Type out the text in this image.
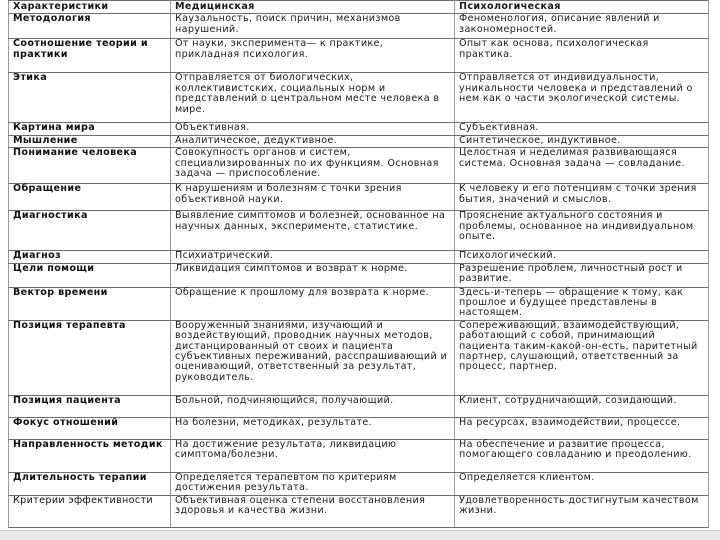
Характеристики	Медицинская	Психологическая
Методология	Каузальность, поиск причин, механизмов нарушений.	Феноменология, описание явлений и закономерностей.
Соотношение теории и практики	От науки, эксперимента— к практике, прикладная психология.	Опыт как основа, психологическая практика.
Этика	Отправляется от биологических, коллективистских, социальных норм и представлений о центральном месте человека в мире.	Отправляется от индивидуальности, уникальности человека и представлений о нем как о части экологической системы.
Картина мира	Объективная.	Субъективная.
Мышление	Аналитическое, дедуктивное.	Синтетическое, индуктивное.
Понимание человека	Совокупность органов и систем, специализированных по их функциям. Основная задача — приспособление.	Целостная и неделимая развивающаяся система. Основная задача — совладание.
Обращение	К нарушениям и болезням с точки зрения объективной науки.	К человеку и его потенциям с точки зрения бытия, значений и смыслов.
Диагностика	Выявление симптомов и болезней, основанное на научных данных, эксперименте, статистике.	Прояснение актуального состояния и проблемы, основанное на индивидуальном опыте.
Диагноз	Психиатрический.	Психологический.
Цели помощи	Ликвидация симптомов и возврат к норме.	Разрешение проблем, личностный рост и развитие.
Вектор времени	Обращение к прошлому для возврата к норме.	Здесь-и-теперь — обращение к тому, как прошлое и будущее представлены в настоящем.
Позиция терапевта	Вооруженный знаниями, изучающий и воздействующий, проводник научных методов, дистанцированный от своих и пациента субъективных переживаний, расспрашивающий и оценивающий, ответственный за результат, руководитель.	Сопереживающий, взаимодействующий, работающий с собой, принимающий пациента таким-какой-он-есть, паритетный партнер, слушающий, ответственный за процесс, партнер.
Позиция пациента	Больной, подчиняющийся, получающий.	Клиент, сотрудничающий, созидающий.
Фокус отношений	На болезни, методиках, результате.	На ресурсах, взаимодействии, процессе.
Направленность методик	На достижение результата, ликвидацию симптома/болезни.	На обеспечение и развитие процесса, помогающего совладанию и преодолению.
Длительность терапии	Определяется терапевтом по критериям достижения результата.	Определяется клиентом.
Критерии эффективности	Объективная оценка степени восстановления здоровья и качества жизни.	Удовлетворенность достигнутым качеством жизни.
